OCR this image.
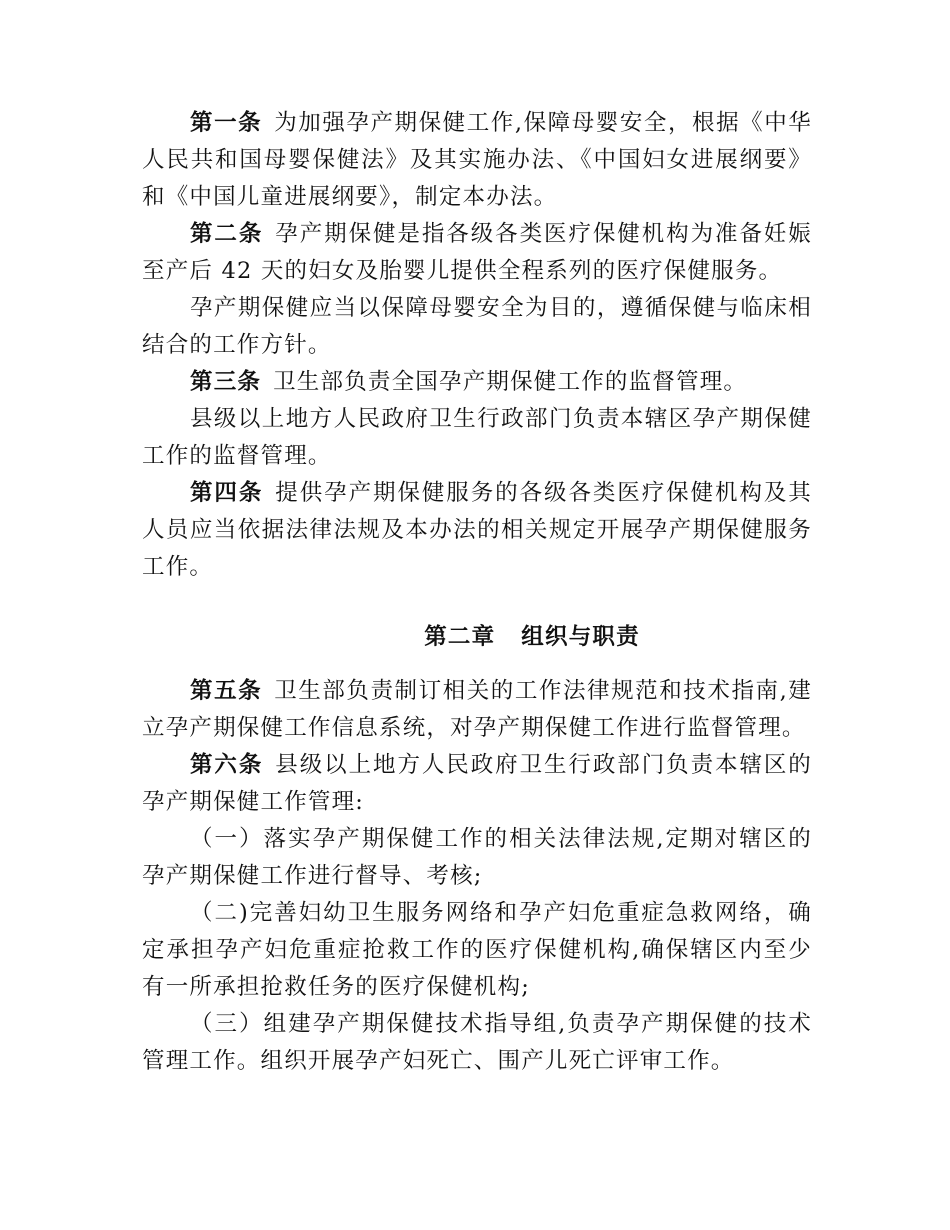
第一条 为加强孕产期保健工作,保障母婴安全，根据《中华人民共和国母婴保健法》及其实施办法、《中国妇女进展纲要》和《中国儿童进展纲要》，制定本办法。

第二条 孕产期保健是指各级各类医疗保健机构为准备妊娠至产后 42 天的妇女及胎婴儿提供全程系列的医疗保健服务。

孕产期保健应当以保障母婴安全为目的，遵循保健与临床相结合的工作方针。

第三条 卫生部负责全国孕产期保健工作的监督管理。

县级以上地方人民政府卫生行政部门负责本辖区孕产期保健工作的监督管理。

第四条 提供孕产期保健服务的各级各类医疗保健机构及其人员应当依据法律法规及本办法的相关规定开展孕产期保健服务工作。

第二章 组织与职责

第五条 卫生部负责制订相关的工作法律规范和技术指南,建立孕产期保健工作信息系统，对孕产期保健工作进行监督管理。

第六条 县级以上地方人民政府卫生行政部门负责本辖区的孕产期保健工作管理:

（一）落实孕产期保健工作的相关法律法规,定期对辖区的孕产期保健工作进行督导、考核;

（二)完善妇幼卫生服务网络和孕产妇危重症急救网络，确定承担孕产妇危重症抢救工作的医疗保健机构,确保辖区内至少有一所承担抢救任务的医疗保健机构;

（三）组建孕产期保健技术指导组,负责孕产期保健的技术管理工作。组织开展孕产妇死亡、围产儿死亡评审工作。
